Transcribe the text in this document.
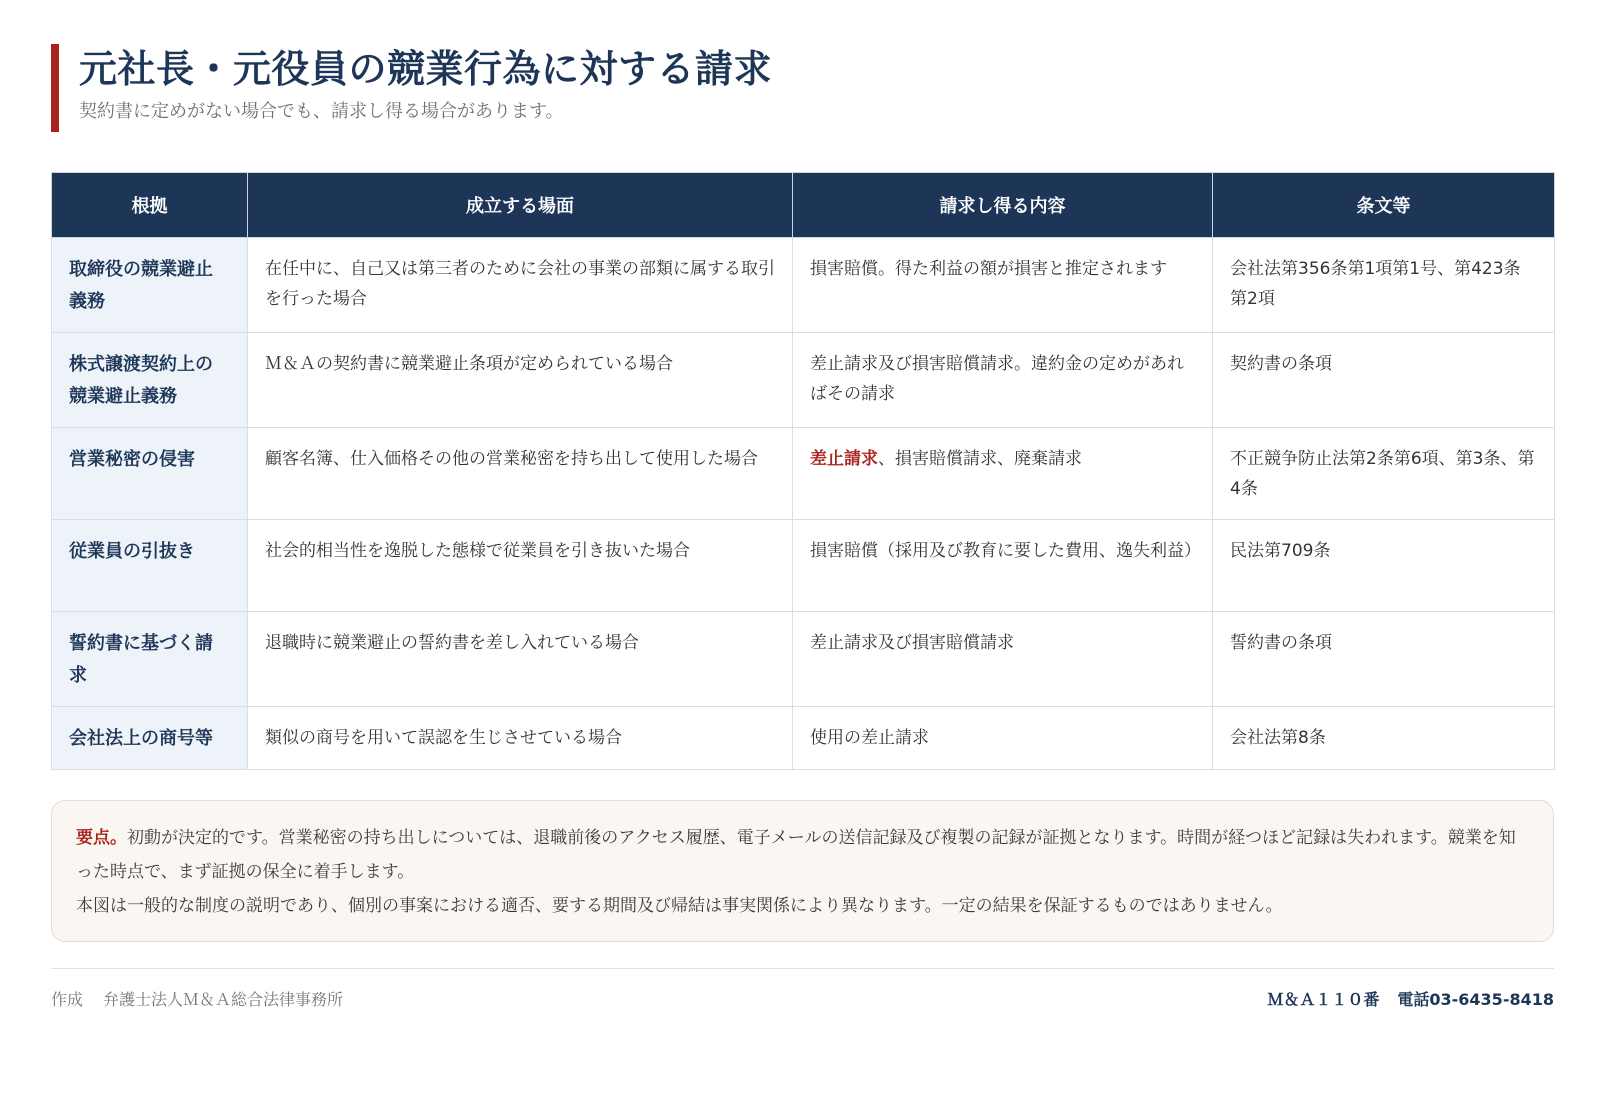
元社長・元役員の競業行為に対する請求

契約書に定めがない場合でも、請求し得る場合があります。

根拠	成立する場面	請求し得る内容	条文等
取締役の競業避止義務	在任中に、自己又は第三者のために会社の事業の部類に属する取引を行った場合	損害賠償。得た利益の額が損害と推定されます	会社法第356条第1項第1号、第423条第2項
株式譲渡契約上の競業避止義務	Ｍ＆Ａの契約書に競業避止条項が定められている場合	差止請求及び損害賠償請求。違約金の定めがあればその請求	契約書の条項
営業秘密の侵害	顧客名簿、仕入価格その他の営業秘密を持ち出して使用した場合	差止請求、損害賠償請求、廃棄請求	不正競争防止法第2条第6項、第3条、第4条
従業員の引抜き	社会的相当性を逸脱した態様で従業員を引き抜いた場合	損害賠償（採用及び教育に要した費用、逸失利益）	民法第709条
誓約書に基づく請求	退職時に競業避止の誓約書を差し入れている場合	差止請求及び損害賠償請求	誓約書の条項
会社法上の商号等	類似の商号を用いて誤認を生じさせている場合	使用の差止請求	会社法第8条

要点。初動が決定的です。営業秘密の持ち出しについては、退職前後のアクセス履歴、電子メールの送信記録及び複製の記録が証拠となります。時間が経つほど記録は失われます。競業を知った時点で、まず証拠の保全に着手します。

本図は一般的な制度の説明であり、個別の事案における適否、要する期間及び帰結は事実関係により異なります。一定の結果を保証するものではありません。

作成 弁護士法人Ｍ＆Ａ総合法律事務所	Ｍ＆Ａ１１０番 電話03-6435-8418
